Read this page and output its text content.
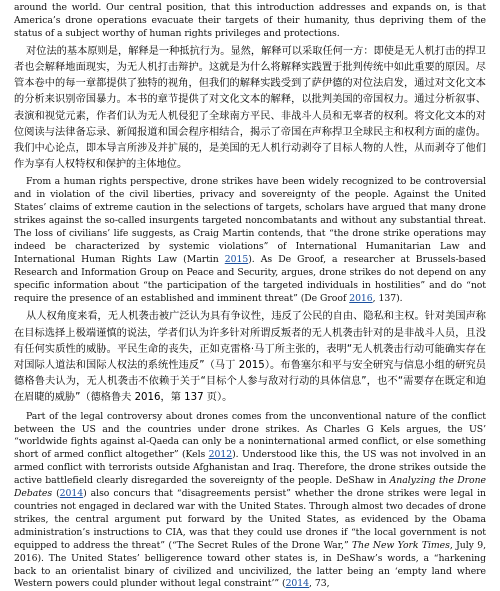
around the world. Our central position, that this introduction addresses and expands on, is that America’s drone operations evacuate their targets of their humanity, thus depriving them of the status of a subject worthy of human rights privileges and protections.

对位法的基本原则是，解释是一种抵抗行为。显然，解释可以采取任何一方：即使是无人机打击的捍卫者也会解释地面现实，为无人机打击辩护。这就是为什么将解释实践置于批判传统中如此重要的原因。尽管本卷中的每一章都提供了独特的视角，但我们的解释实践受到了萨伊德的对位法启发，通过对文化文本的分析来识别帝国暴力。本书的章节提供了对文化文本的解释，以批判美国的帝国权力。通过分析叙事、表演和视觉元素，作者们认为无人机侵犯了全球南方平民、非战斗人员和无辜者的权利。将文化文本的对位阅读与法律备忘录、新闻报道和国会程序相结合，揭示了帝国在声称捍卫全球民主和权利方面的虚伪。我们中心论点，即本导言所涉及并扩展的，是美国的无人机行动剥夺了目标人物的人性，从而剥夺了他们作为享有人权特权和保护的主体地位。

From a human rights perspective, drone strikes have been widely recognized to be controversial and in violation of the civil liberties, privacy and sovereignty of the people. Against the United States’ claims of extreme caution in the selections of targets, scholars have argued that many drone strikes against the so-called insurgents targeted noncombatants and without any substantial threat. The loss of civilians’ life suggests, as Craig Martin contends, that “the drone strike operations may indeed be characterized by systemic violations” of International Humanitarian Law and International Human Rights Law (Martin 2015). As De Groof, a researcher at Brussels-based Research and Information Group on Peace and Security, argues, drone strikes do not depend on any specific information about “the participation of the targeted individuals in hostilities” and do “not require the presence of an established and imminent threat” (De Groof 2016, 137).

从人权角度来看，无人机袭击被广泛认为具有争议性，违反了公民的自由、隐私和主权。针对美国声称在目标选择上极端谨慎的说法，学者们认为许多针对所谓反叛者的无人机袭击针对的是非战斗人员，且没有任何实质性的威胁。平民生命的丧失，正如克雷格·马丁所主张的，表明“无人机袭击行动可能确实存在对国际人道法和国际人权法的系统性违反”（马丁 2015）。布鲁塞尔和平与安全研究与信息小组的研究员德格鲁夫认为，无人机袭击不依赖于关于“目标个人参与敌对行动的具体信息”，也不“需要存在既定和迫在眉睫的威胁”（德格鲁夫 2016，第 137 页）。

Part of the legal controversy about drones comes from the unconventional nature of the conflict between the US and the countries under drone strikes. As Charles G Kels argues, the US’ “worldwide fights against al-Qaeda can only be a noninternational armed conflict, or else something short of armed conflict altogether” (Kels 2012). Understood like this, the US was not involved in an armed conflict with terrorists outside Afghanistan and Iraq. Therefore, the drone strikes outside the active battlefield clearly disregarded the sovereignty of the people. DeShaw in Analyzing the Drone Debates (2014) also concurs that “disagreements persist” whether the drone strikes were legal in countries not engaged in declared war with the United States. Through almost two decades of drone strikes, the central argument put forward by the United States, as evidenced by the Obama administration’s instructions to CIA, was that they could use drones if “the local government is not equipped to address the threat” (“The Secret Rules of the Drone War,” The New York Times, July 9, 2016). The United States’ belligerence toward other states is, in DeShaw’s words, a “harkening back to an orientalist binary of civilized and uncivilized, the latter being an ‘empty land where Western powers could plunder without legal constraint’” (2014, 73,
